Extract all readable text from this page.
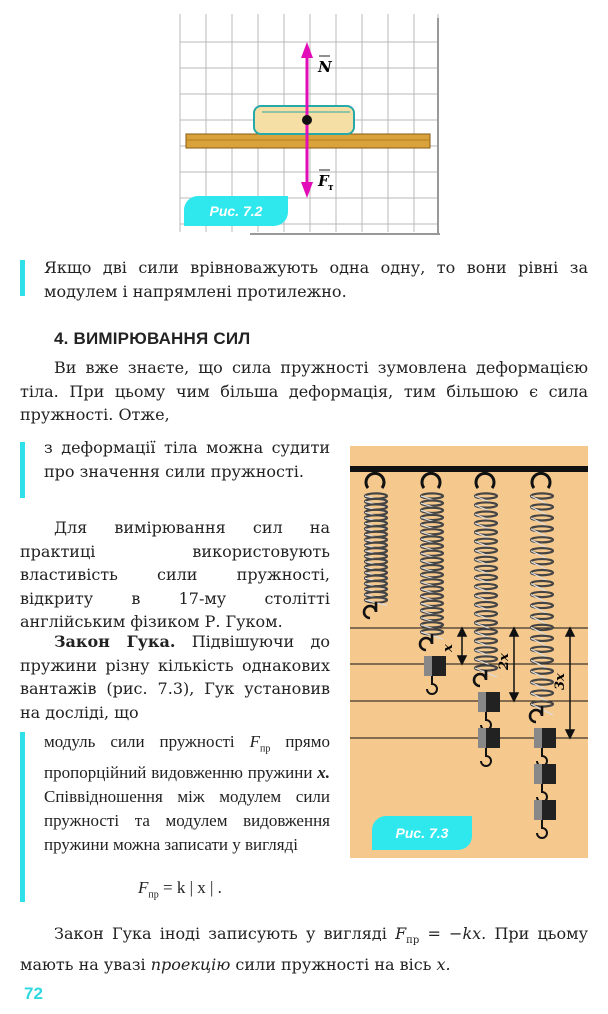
N
F т
Рис. 7.2
Якщо дві сили врівноважують одна одну, то вони рівні за модулем і напрямлені протилежно.
4. ВИМІРЮВАННЯ СИЛ
Ви вже знаєте, що сила пружності зумовлена деформацією тіла. При цьому чим більша деформація, тим більшою є сила пружності. Отже,
з деформації тіла можна судити про значення сили пружності.
Для вимірювання сил на практиці використовують властивість сили пружності, відкриту в 17-му столітті англійським фізиком Р. Гуком.
Закон Гука. Підвішуючи до пружини різну кількість однакових вантажів (рис. 7.3), Гук установив на досліді, що
модуль сили пружності $F_{пр}$ прямо пропорційний видовженню пружини x. Співвідношення між модулем сили пружності та модулем видовження пружини можна записати у вигляді
$F_{пр} = k$ | x | .
x
2x
3x
Рис. 7.3
Закон Гука іноді записують у вигляді $F_{пр} = -kx$. При цьому мають на увазі проекцію сили пружності на вісь x.
72
